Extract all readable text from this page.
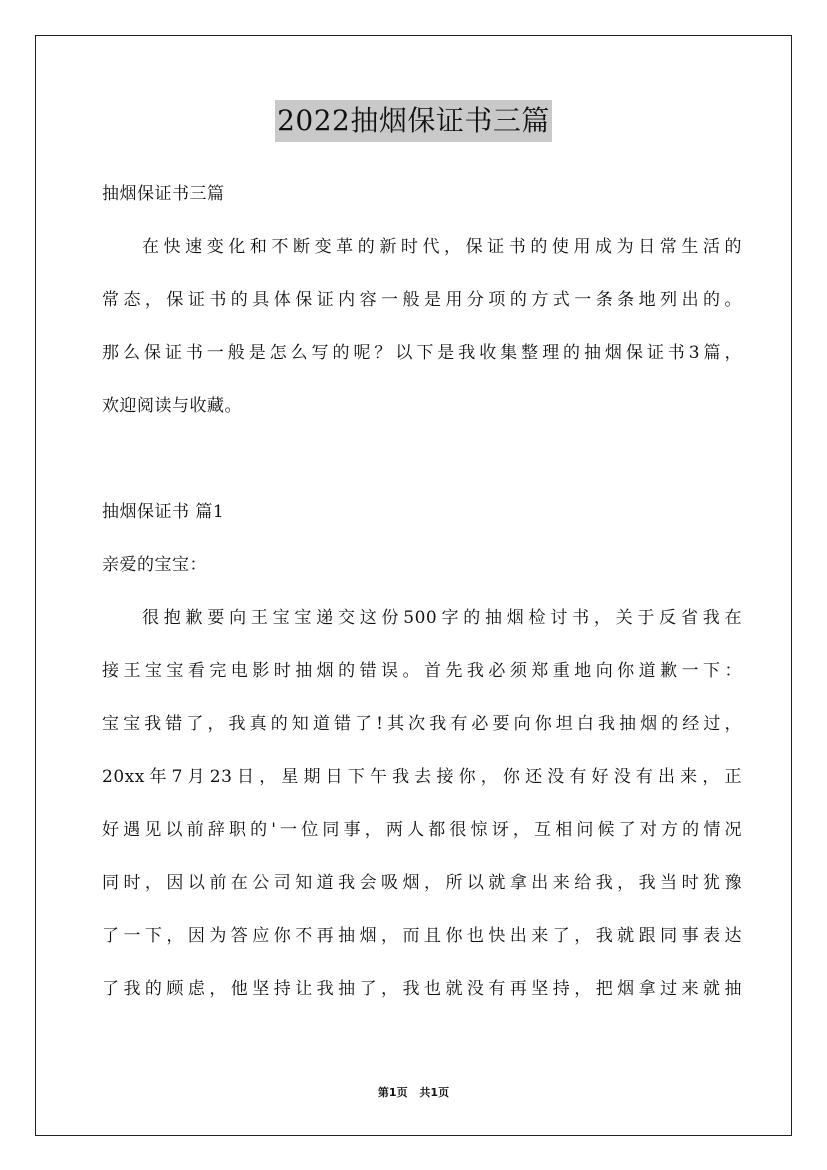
2022抽烟保证书三篇
抽烟保证书三篇
在快速变化和不断变革的新时代，保证书的使用成为日常生活的
常态，保证书的具体保证内容一般是用分项的方式一条条地列出的。
那么保证书一般是怎么写的呢？以下是我收集整理的抽烟保证书3篇，
欢迎阅读与收藏。
抽烟保证书 篇1
亲爱的宝宝：
很抱歉要向王宝宝递交这份500字的抽烟检讨书，关于反省我在
接王宝宝看完电影时抽烟的错误。首先我必须郑重地向你道歉一下：
宝宝我错了，我真的知道错了!其次我有必要向你坦白我抽烟的经过，
20xx年7月23日，星期日下午我去接你，你还没有好没有出来，正
好遇见以前辞职的'一位同事，两人都很惊讶，互相问候了对方的情况
同时，因以前在公司知道我会吸烟，所以就拿出来给我，我当时犹豫
了一下，因为答应你不再抽烟，而且你也快出来了，我就跟同事表达
了我的顾虑，他坚持让我抽了，我也就没有再坚持，把烟拿过来就抽
第1页 共1页
